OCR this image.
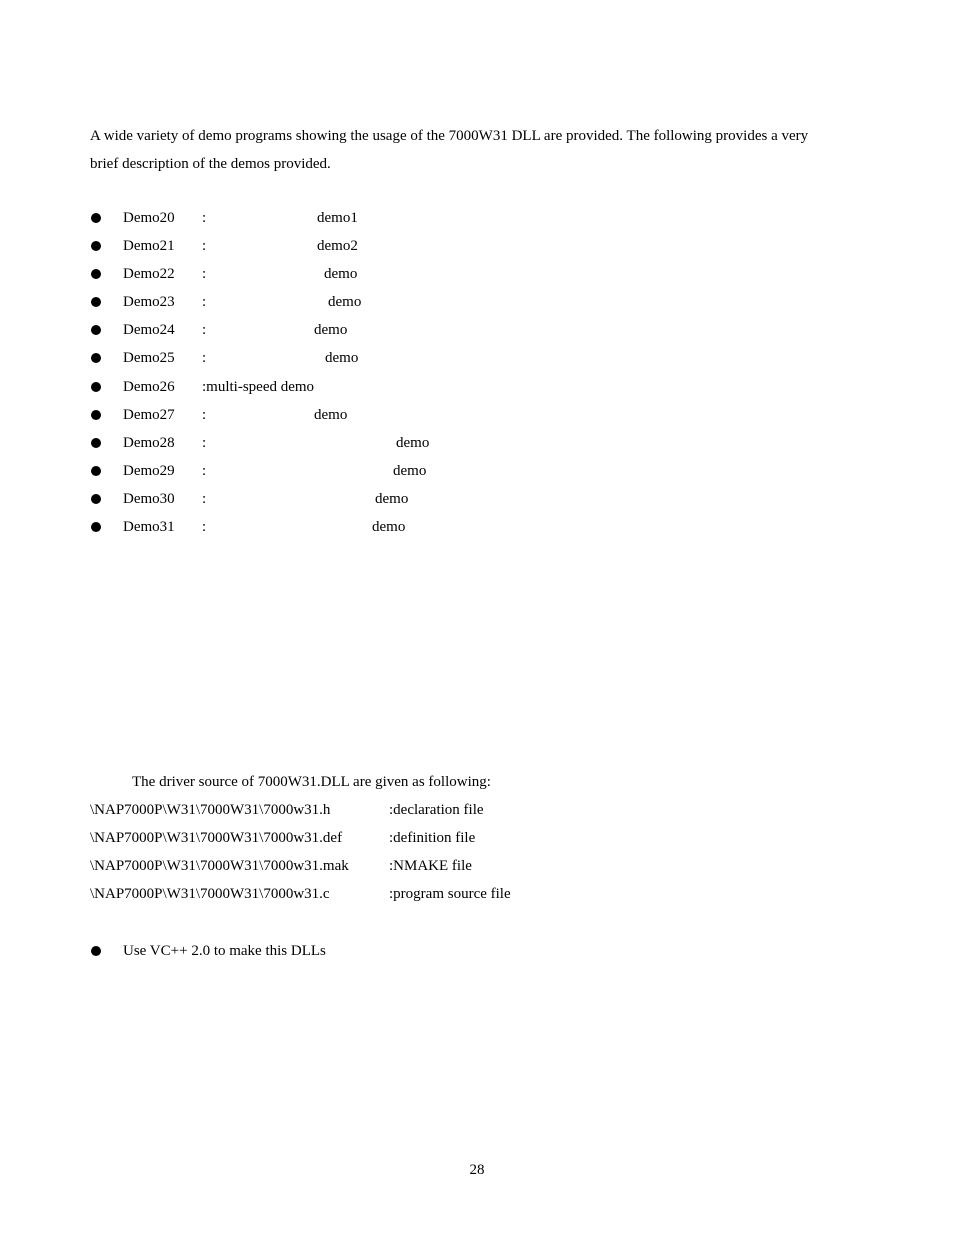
A wide variety of demo programs showing the usage of the 7000W31 DLL are provided. The following provides a very
brief description of the demos provided.
Demo20 :	demo1
Demo21 :	demo2
Demo22 :	demo
Demo23 :	demo
Demo24 :	demo
Demo25 :	demo
Demo26 :multi-speed demo
Demo27 :	demo
Demo28 :	demo
Demo29 :	demo
Demo30 :	demo
Demo31 :	demo
The driver source of 7000W31.DLL are given as following:
\NAP7000P\W31\7000W31\7000w31.h	:declaration file
\NAP7000P\W31\7000W31\7000w31.def	:definition file
\NAP7000P\W31\7000W31\7000w31.mak	:NMAKE file
\NAP7000P\W31\7000W31\7000w31.c	:program source file
Use VC++ 2.0 to make this DLLs
28
